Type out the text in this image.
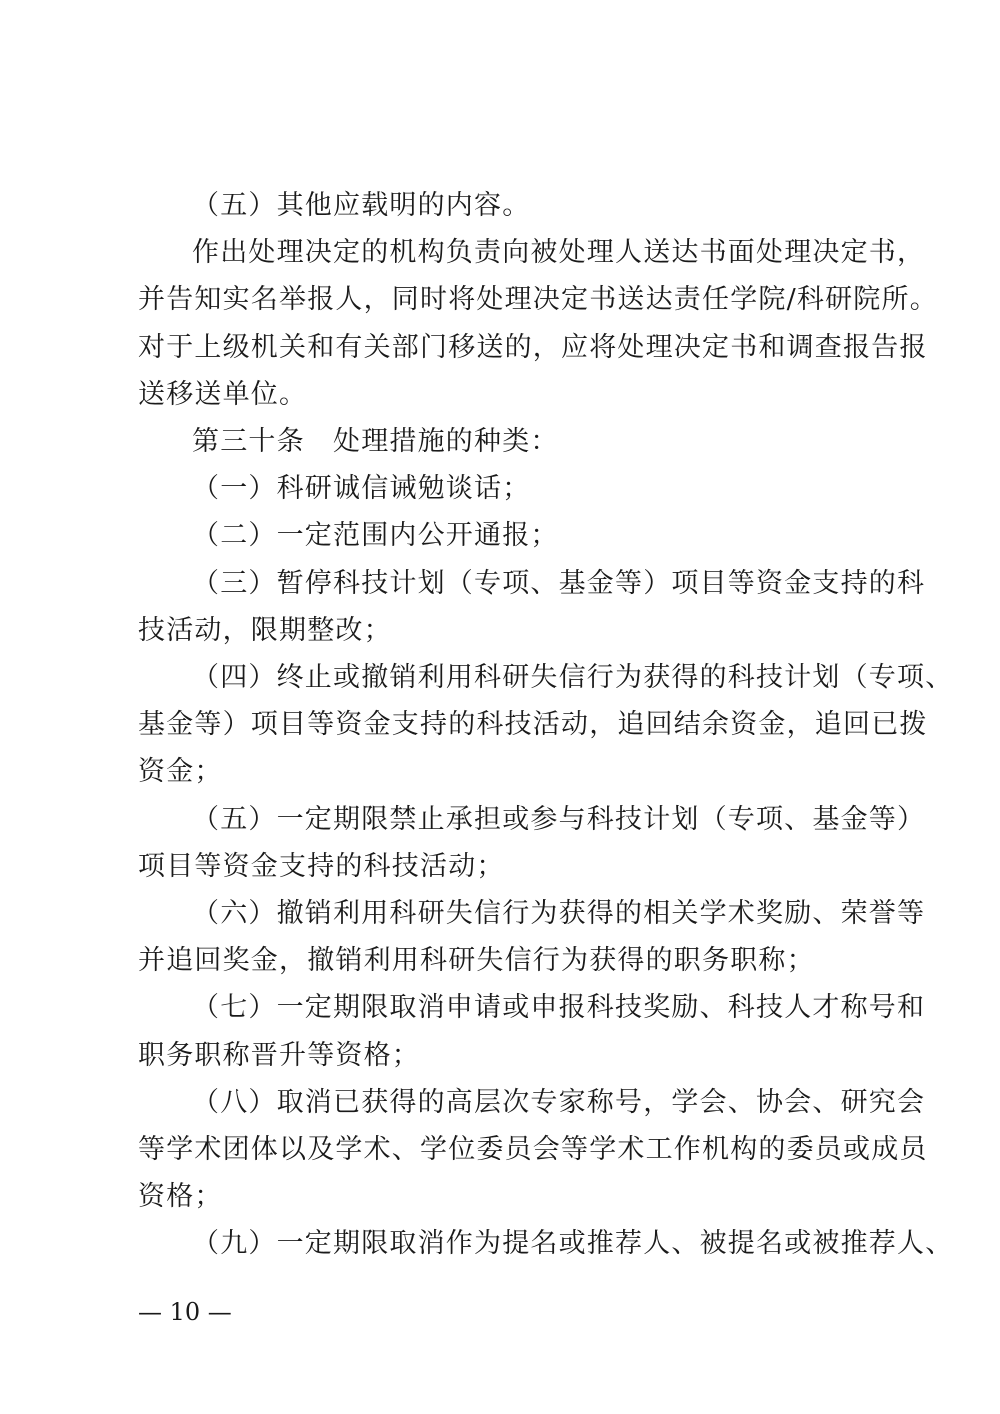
（五）其他应载明的内容。

作出处理决定的机构负责向被处理人送达书面处理决定书，
并告知实名举报人，同时将处理决定书送达责任学院/科研院所。
对于上级机关和有关部门移送的，应将处理决定书和调查报告报
送移送单位。

第三十条　处理措施的种类：

（一）科研诚信诫勉谈话；

（二）一定范围内公开通报；

（三）暂停科技计划（专项、基金等）项目等资金支持的科
技活动，限期整改；

（四）终止或撤销利用科研失信行为获得的科技计划（专项、
基金等）项目等资金支持的科技活动，追回结余资金，追回已拨
资金；

（五）一定期限禁止承担或参与科技计划（专项、基金等）
项目等资金支持的科技活动；

（六）撤销利用科研失信行为获得的相关学术奖励、荣誉等
并追回奖金，撤销利用科研失信行为获得的职务职称；

（七）一定期限取消申请或申报科技奖励、科技人才称号和
职务职称晋升等资格；

（八）取消已获得的高层次专家称号，学会、协会、研究会
等学术团体以及学术、学位委员会等学术工作机构的委员或成员
资格；

（九）一定期限取消作为提名或推荐人、被提名或被推荐人、

— 10 —
